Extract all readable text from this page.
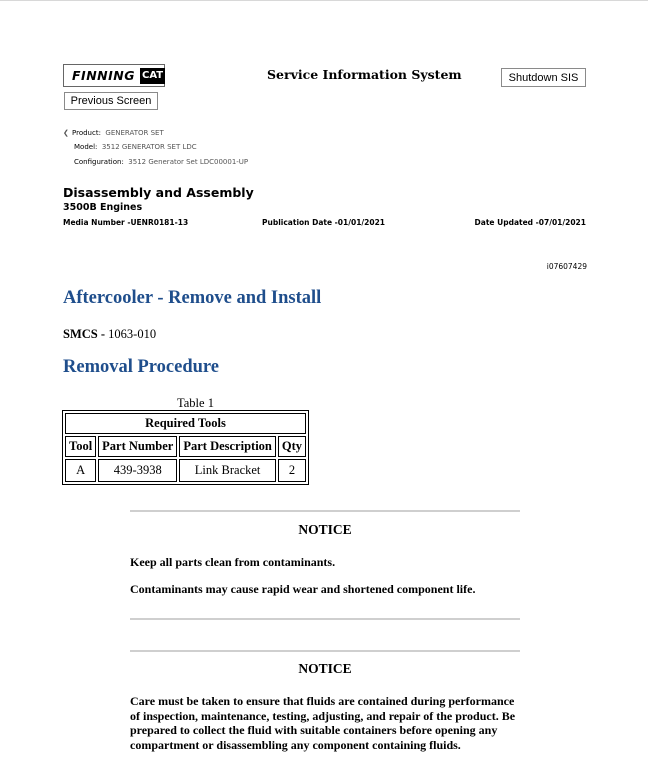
FINNING CAT	Service Information System	Shutdown SIS
Previous Screen
❮ Product: GENERATOR SET
Model: 3512 GENERATOR SET LDC
Configuration: 3512 Generator Set LDC00001-UP
Disassembly and Assembly
3500B Engines
Media Number -UENR0181-13	Publication Date -01/01/2021	Date Updated -07/01/2021
i07607429
Aftercooler - Remove and Install
SMCS - 1063-010
Removal Procedure
Table 1
Required Tools			
Tool	Part Number	Part Description	Qty
A	439-3938	Link Bracket	2
NOTICE
Keep all parts clean from contaminants.
Contaminants may cause rapid wear and shortened component life.
NOTICE
Care must be taken to ensure that fluids are contained during performance of inspection, maintenance, testing, adjusting, and repair of the product. Be prepared to collect the fluid with suitable containers before opening any compartment or disassembling any component containing fluids.
